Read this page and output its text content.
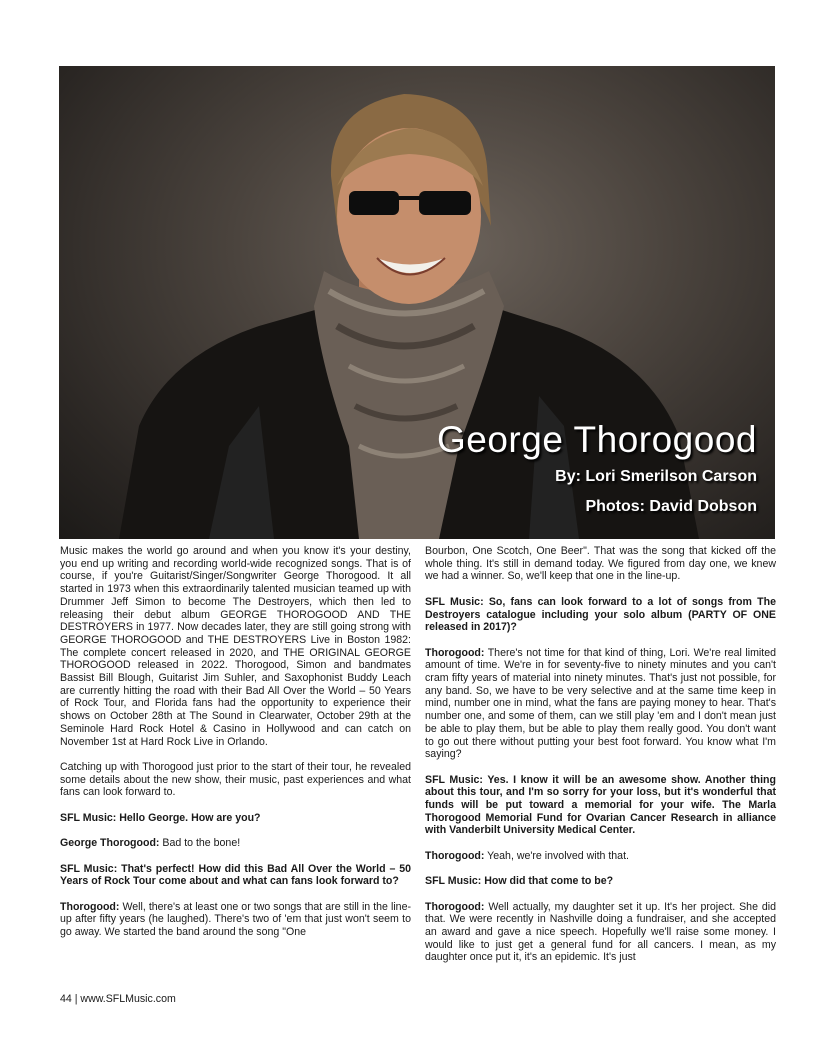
George Thorogood
By: Lori Smerilson Carson
Photos: David Dobson

Music makes the world go around and when you know it's your destiny, you end up writing and recording world-wide recognized songs. That is of course, if you're Guitarist/Singer/Songwriter George Thorogood. It all started in 1973 when this extraordinarily talented musician teamed up with Drummer Jeff Simon to become The Destroyers, which then led to releasing their debut album GEORGE THOROGOOD AND THE DESTROYERS in 1977. Now decades later, they are still going strong with GEORGE THOROGOOD and THE DESTROYERS Live in Boston 1982: The complete concert released in 2020, and THE ORIGINAL GEORGE THOROGOOD released in 2022. Thorogood, Simon and bandmates Bassist Bill Blough, Guitarist Jim Suhler, and Saxophonist Buddy Leach are currently hitting the road with their Bad All Over the World – 50 Years of Rock Tour, and Florida fans had the opportunity to experience their shows on October 28th at The Sound in Clearwater, October 29th at the Seminole Hard Rock Hotel & Casino in Hollywood and can catch on November 1st at Hard Rock Live in Orlando.

Catching up with Thorogood just prior to the start of their tour, he revealed some details about the new show, their music, past experiences and what fans can look forward to.

SFL Music: Hello George. How are you?

George Thorogood: Bad to the bone!

SFL Music: That's perfect! How did this Bad All Over the World – 50 Years of Rock Tour come about and what can fans look forward to?

Thorogood: Well, there's at least one or two songs that are still in the line-up after fifty years (he laughed). There's two of 'em that just won't seem to go away. We started the band around the song "One

Bourbon, One Scotch, One Beer". That was the song that kicked off the whole thing. It's still in demand today. We figured from day one, we knew we had a winner. So, we'll keep that one in the line-up.

SFL Music: So, fans can look forward to a lot of songs from The Destroyers catalogue including your solo album (PARTY OF ONE released in 2017)?

Thorogood: There's not time for that kind of thing, Lori. We're real limited amount of time. We're in for seventy-five to ninety minutes and you can't cram fifty years of material into ninety minutes. That's just not possible, for any band. So, we have to be very selective and at the same time keep in mind, number one in mind, what the fans are paying money to hear. That's number one, and some of them, can we still play 'em and I don't mean just be able to play them, but be able to play them really good. You don't want to go out there without putting your best foot forward. You know what I'm saying?

SFL Music: Yes. I know it will be an awesome show. Another thing about this tour, and I'm so sorry for your loss, but it's wonderful that funds will be put toward a memorial for your wife. The Marla Thorogood Memorial Fund for Ovarian Cancer Research in alliance with Vanderbilt University Medical Center.

Thorogood: Yeah, we're involved with that.

SFL Music: How did that come to be?

Thorogood: Well actually, my daughter set it up. It's her project. She did that. We were recently in Nashville doing a fundraiser, and she accepted an award and gave a nice speech. Hopefully we'll raise some money. I would like to just get a general fund for all cancers. I mean, as my daughter once put it, it's an epidemic. It's just

44 | www.SFLMusic.com
